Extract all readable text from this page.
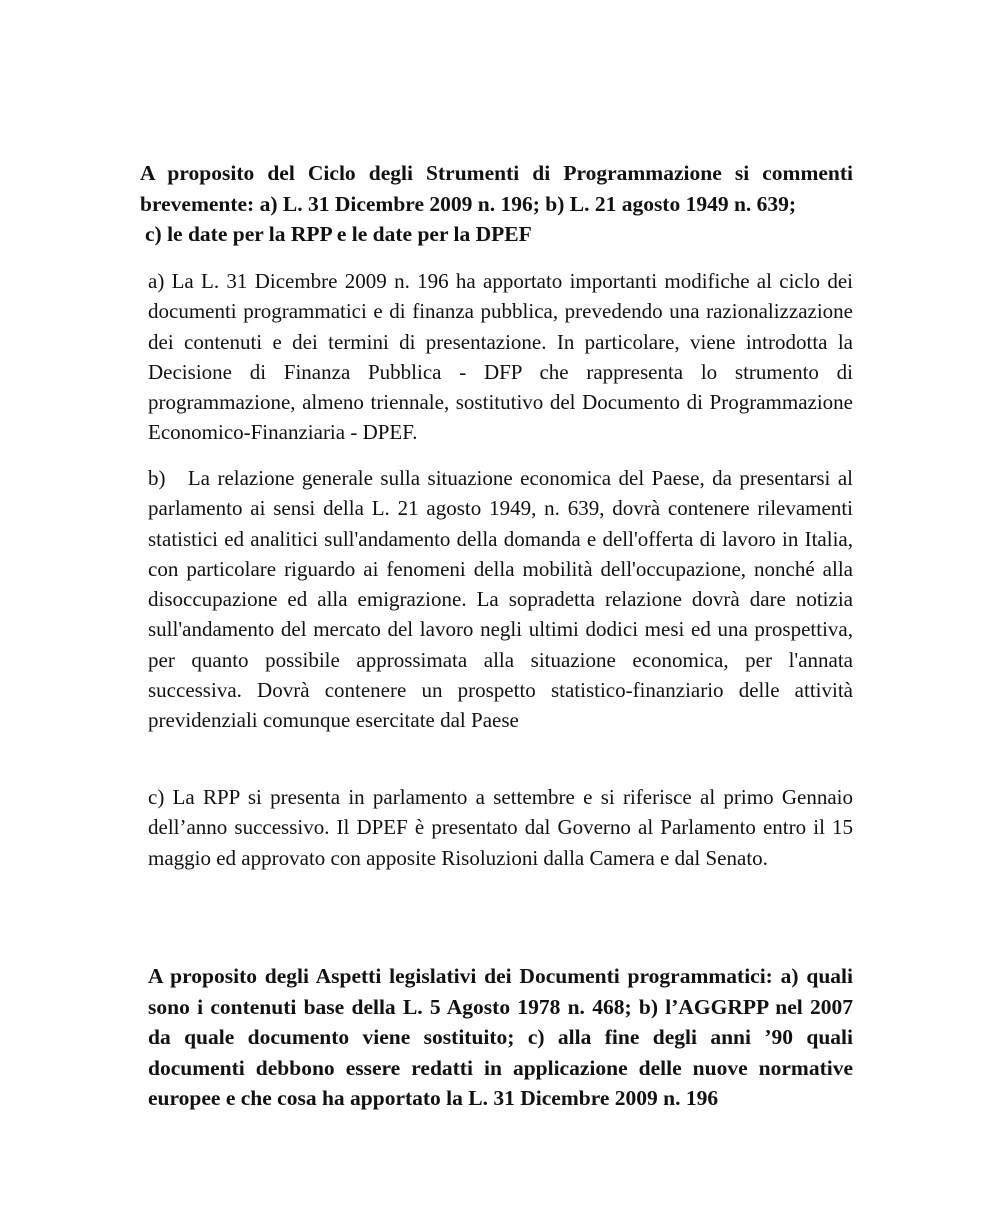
A proposito del Ciclo degli Strumenti di Programmazione si commenti brevemente: a) L. 31 Dicembre 2009 n. 196; b) L. 21 agosto 1949 n. 639;
c) le date per la RPP e le date per la DPEF

a) La L. 31 Dicembre 2009 n. 196 ha apportato importanti modifiche al ciclo dei documenti programmatici e di finanza pubblica, prevedendo una razionalizzazione dei contenuti e dei termini di presentazione. In particolare, viene introdotta la Decisione di Finanza Pubblica - DFP che rappresenta lo strumento di programmazione, almeno triennale, sostitutivo del Documento di Programmazione Economico-Finanziaria - DPEF.

b)   La relazione generale sulla situazione economica del Paese, da presentarsi al parlamento ai sensi della L. 21 agosto 1949, n. 639, dovrà contenere rilevamenti statistici ed analitici sull'andamento della domanda e dell'offerta di lavoro in Italia, con particolare riguardo ai fenomeni della mobilità dell'occupazione, nonché alla disoccupazione ed alla emigrazione. La sopradetta relazione dovrà dare notizia sull'andamento del mercato del lavoro negli ultimi dodici mesi ed una prospettiva, per quanto possibile approssimata alla situazione economica, per l'annata successiva. Dovrà contenere un prospetto statistico-finanziario delle attività previdenziali comunque esercitate dal Paese

c) La RPP si presenta in parlamento a settembre e si riferisce al primo Gennaio dell’anno successivo. Il DPEF è presentato dal Governo al Parlamento entro il 15 maggio ed approvato con apposite Risoluzioni dalla Camera e dal Senato.

A proposito degli Aspetti legislativi dei Documenti programmatici: a) quali sono i contenuti base della L. 5 Agosto 1978 n. 468; b) l’AGGRPP nel 2007 da quale documento viene sostituito; c) alla fine degli anni ’90 quali documenti debbono essere redatti in applicazione delle nuove normative europee e che cosa ha apportato la L. 31 Dicembre 2009 n. 196
